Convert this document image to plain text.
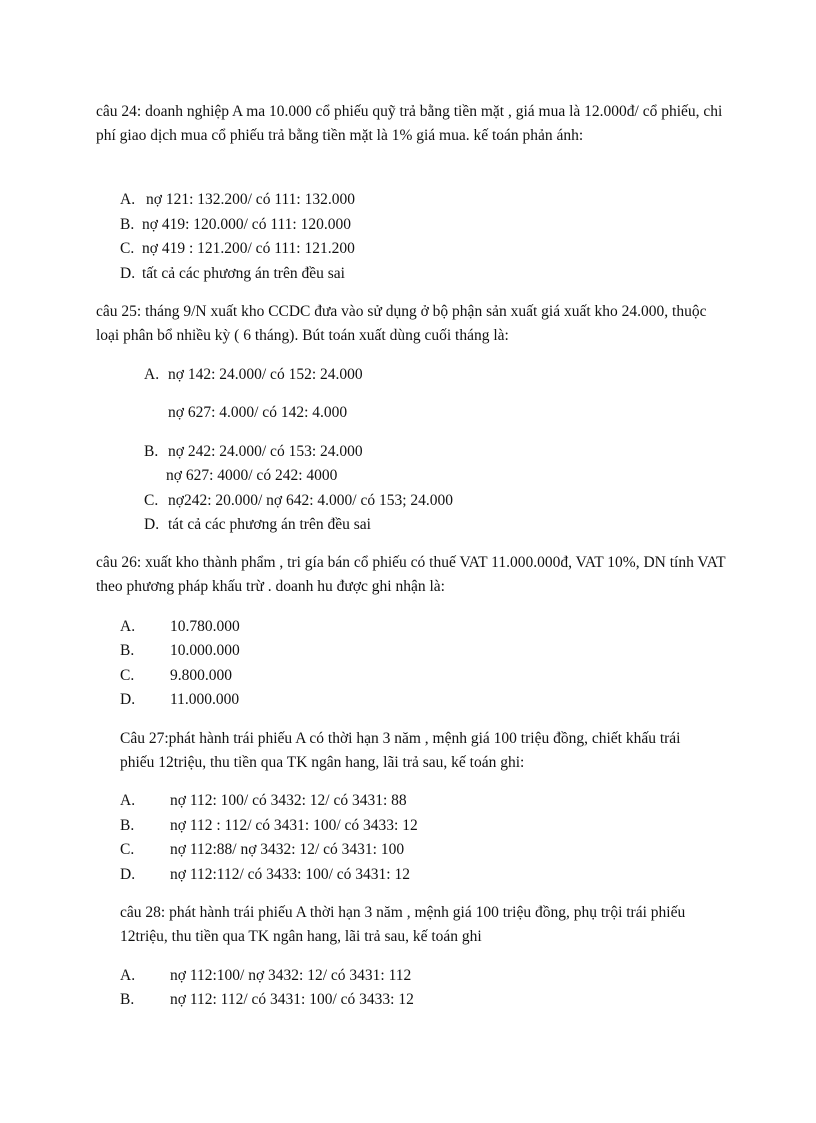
câu 24: doanh nghiệp A ma 10.000 cổ phiếu quỹ trả bằng tiền mặt , giá mua là 12.000đ/ cổ phiếu, chi phí giao dịch mua cổ phiếu trả bằng tiền mặt là 1% giá mua. kế toán phản ánh:
A. nợ 121: 132.200/ có 111: 132.000
B. nợ 419: 120.000/ có 111: 120.000
C. nợ 419 : 121.200/ có 111: 121.200
D. tất cả các phương án trên đều sai
câu 25: tháng 9/N xuất kho CCDC đưa vào sử dụng ở bộ phận sản xuất giá xuất kho 24.000, thuộc loại phân bổ nhiều kỳ ( 6 tháng). Bút toán xuất dùng cuối tháng là:
A. nợ 142: 24.000/ có 152: 24.000
nợ 627: 4.000/ có 142: 4.000
B. nợ 242: 24.000/ có 153: 24.000
nợ 627: 4000/ có 242: 4000
C. nợ242: 20.000/ nợ 642: 4.000/ có 153; 24.000
D. tát cả các phương án trên đều sai
câu 26: xuất kho thành phẩm , tri gía bán cổ phiếu có thuế VAT 11.000.000đ, VAT 10%, DN tính VAT theo phương pháp khấu trừ . doanh hu được ghi nhận là:
A. 10.780.000
B. 10.000.000
C. 9.800.000
D. 11.000.000
Câu 27:phát hành trái phiếu A có thời hạn 3 năm , mệnh giá 100 triệu đồng, chiết khấu trái phiếu 12triệu, thu tiền qua TK ngân hang, lãi trả sau, kế toán ghi:
A. nợ 112: 100/ có 3432: 12/ có 3431: 88
B. nợ 112 : 112/ có 3431: 100/ có 3433: 12
C. nợ 112:88/ nợ 3432: 12/ có 3431: 100
D. nợ 112:112/ có 3433: 100/ có 3431: 12
câu 28: phát hành trái phiếu A thời hạn 3 năm , mệnh giá 100 triệu đồng, phụ trội trái phiếu 12triệu, thu tiền qua TK ngân hang, lãi trả sau, kế toán ghi
A. nợ 112:100/ nợ 3432: 12/ có 3431: 112
B. nợ 112: 112/ có 3431: 100/ có 3433: 12
